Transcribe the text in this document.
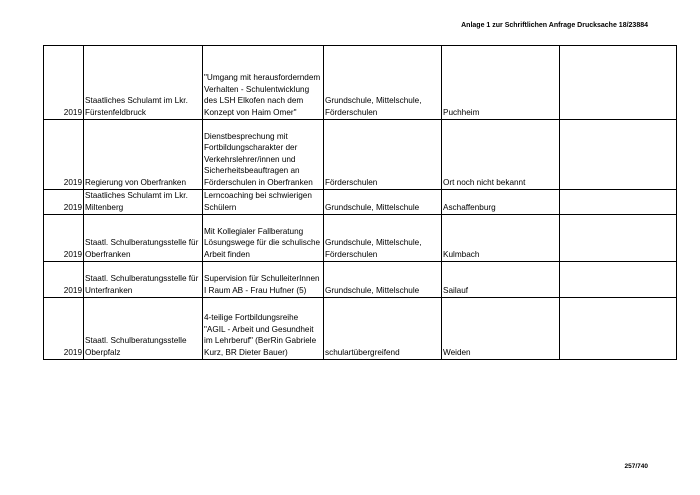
Anlage 1 zur Schriftlichen Anfrage Drucksache 18/23884
2019	Staatliches Schulamt im Lkr. Fürstenfeldbruck	"Umgang mit herausforderndem Verhalten - Schulentwicklung des LSH Elkofen nach dem Konzept von Haim Omer"	Grundschule, Mittelschule, Förderschulen	Puchheim	
2019	Regierung von Oberfranken	Dienstbesprechung mit Fortbildungscharakter der Verkehrslehrer/innen und Sicherheitsbeauftragen an Förderschulen in Oberfranken	Förderschulen	Ort noch nicht bekannt	
2019	Staatliches Schulamt im Lkr. Miltenberg	Lerncoaching bei schwierigen Schülern	Grundschule, Mittelschule	Aschaffenburg	
2019	Staatl. Schulberatungsstelle für Oberfranken	Mit Kollegialer Fallberatung Lösungswege für die schulische Arbeit finden	Grundschule, Mittelschule, Förderschulen	Kulmbach	
2019	Staatl. Schulberatungsstelle für Unterfranken	Supervision für SchulleiterInnen I Raum AB - Frau Hufner (5)	Grundschule, Mittelschule	Sailauf	
2019	Staatl. Schulberatungsstelle Oberpfalz	4-teilige Fortbildungsreihe "AGIL - Arbeit und Gesundheit im Lehrberuf" (BerRin Gabriele Kurz, BR Dieter Bauer)	schulartübergreifend	Weiden	
257/740
